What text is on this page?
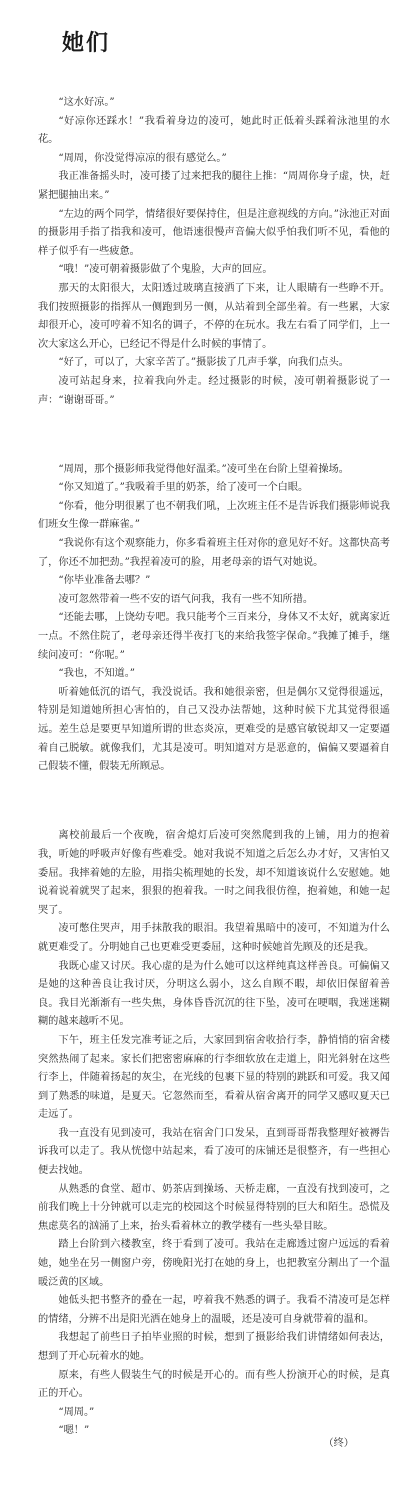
她们

“这水好凉。”

“好凉你还踩水！”我看着身边的凌可，她此时正低着头踩着泳池里的水花。

“周周，你没觉得凉凉的很有感觉么。”

我正准备摇头时，凌可搂了过来把我的腿往上推：“周周你身子虚，快，赶紧把腿抽出来。”

“左边的两个同学，情绪很好要保持住，但是注意视线的方向。”泳池正对面的摄影用手指了指我和凌可，他语速很慢声音偏大似乎怕我们听不见，看他的样子似乎有一些疲惫。

“哦！”凌可朝着摄影做了个鬼脸，大声的回应。

那天的太阳很大，太阳透过玻璃直接洒了下来，让人眼睛有一些睁不开。我们按照摄影的指挥从一侧跑到另一侧，从站着到全部坐着。有一些累，大家却很开心，凌可哼着不知名的调子，不停的在玩水。我左右看了同学们，上一次大家这么开心，已经记不得是什么时候的事情了。

“好了，可以了，大家辛苦了。”摄影拔了几声手掌，向我们点头。

凌可站起身来，拉着我向外走。经过摄影的时候，凌可朝着摄影说了一声：“谢谢哥哥。”

“周周，那个摄影师我觉得他好温柔。”凌可坐在台阶上望着操场。

“你又知道了。”我吸着手里的奶茶，给了凌可一个白眼。

“你看，他分明很累了也不朝我们吼，上次班主任不是告诉我们摄影师说我们班女生像一群麻雀。”

“我说你有这个观察能力，你多看着班主任对你的意见好不好。这都快高考了，你还不加把劲。”我捏着凌可的脸，用老母亲的语气对她说。

“你毕业准备去哪？”

凌可忽然带着一些不安的语气问我，我有一些不知所措。

“还能去哪，上饶幼专吧。我只能考个三百来分，身体又不太好，就离家近一点。不然住院了，老母亲还得半夜打飞的来给我签字保命。”我摊了摊手，继续问凌可：“你呢。”

“我也，不知道。”

听着她低沉的语气，我没说话。我和她很亲密，但是偶尔又觉得很遥远，特别是知道她所担心害怕的，自己又没办法帮她，这种时候下尤其觉得很遥远。差生总是要更早知道所谓的世态炎凉，更难受的是感官敏锐却又一定要逼着自己脱敏。就像我们，尤其是凌可。明知道对方是恶意的，偏偏又要逼着自己假装不懂，假装无所顾忌。

离校前最后一个夜晚，宿舍熄灯后凌可突然爬到我的上铺，用力的抱着我，听她的呼吸声好像有些难受。她对我说不知道之后怎么办才好，又害怕又委屈。我摔着她的左脸，用指尖梳理她的长发，却不知道该说什么安慰她。她说着说着就哭了起来，狠狠的抱着我。一时之间我很仿徨，抱着她，和她一起哭了。

凌可憋住哭声，用手抹散我的眼泪。我望着黑暗中的凌可，不知道为什么就更难受了。分明她自己也更难受更委屈，这种时候她首先顾及的还是我。

我既心虚又讨厌。我心虚的是为什么她可以这样纯真这样善良。可偏偏又是她的这种善良让我讨厌，分明这么弱小，这么自顾不暇，却依旧保留着善良。我目光渐渐有一些失焦，身体昏昏沉沉的往下坠，凌可在哽咽，我迷迷糊糊的越来越听不见。

下午，班主任发完准考证之后，大家回到宿舍收拾行李，静悄悄的宿舍楼突然热闹了起来。家长们把密密麻麻的行李细软放在走道上，阳光斜射在这些行李上，伴随着扬起的灰尘，在光线的包裹下显的特别的跳跃和可爱。我又闻到了熟悉的味道，是夏天。它忽然而至，看着从宿舍离开的同学又感叹夏天已走远了。

我一直没有见到凌可，我站在宿舍门口发呆，直到哥哥帮我整理好被褥告诉我可以走了。我从恍惚中站起来，看了凌可的床铺还是很整齐，有一些担心便去找她。

从熟悉的食堂、超市、奶茶店到操场、天桥走廊，一直没有找到凌可，之前我们晚上十分钟就可以走完的校园这个时候显得特别的巨大和陌生。恐慌及焦虑莫名的汹涌了上来，抬头看着林立的教学楼有一些头晕目眩。

踏上台阶到六楼教室，终于看到了凌可。我站在走廊透过窗户远远的看着她，她坐在另一侧窗户旁，傍晚阳光打在她的身上，也把教室分割出了一个温暖泛黄的区域。

她低头把书整齐的叠在一起，哼着我不熟悉的调子。我看不清凌可是怎样的情绪，分辨不出是阳光洒在她身上的温暖，还是凌可自身就带着的温和。

我想起了前些日子拍毕业照的时候，想到了摄影给我们讲情绪如何表达，想到了开心玩着水的她。

原来，有些人假装生气的时候是开心的。而有些人扮演开心的时候，是真正的开心。

“周周。”

“嗯！”

（终）
